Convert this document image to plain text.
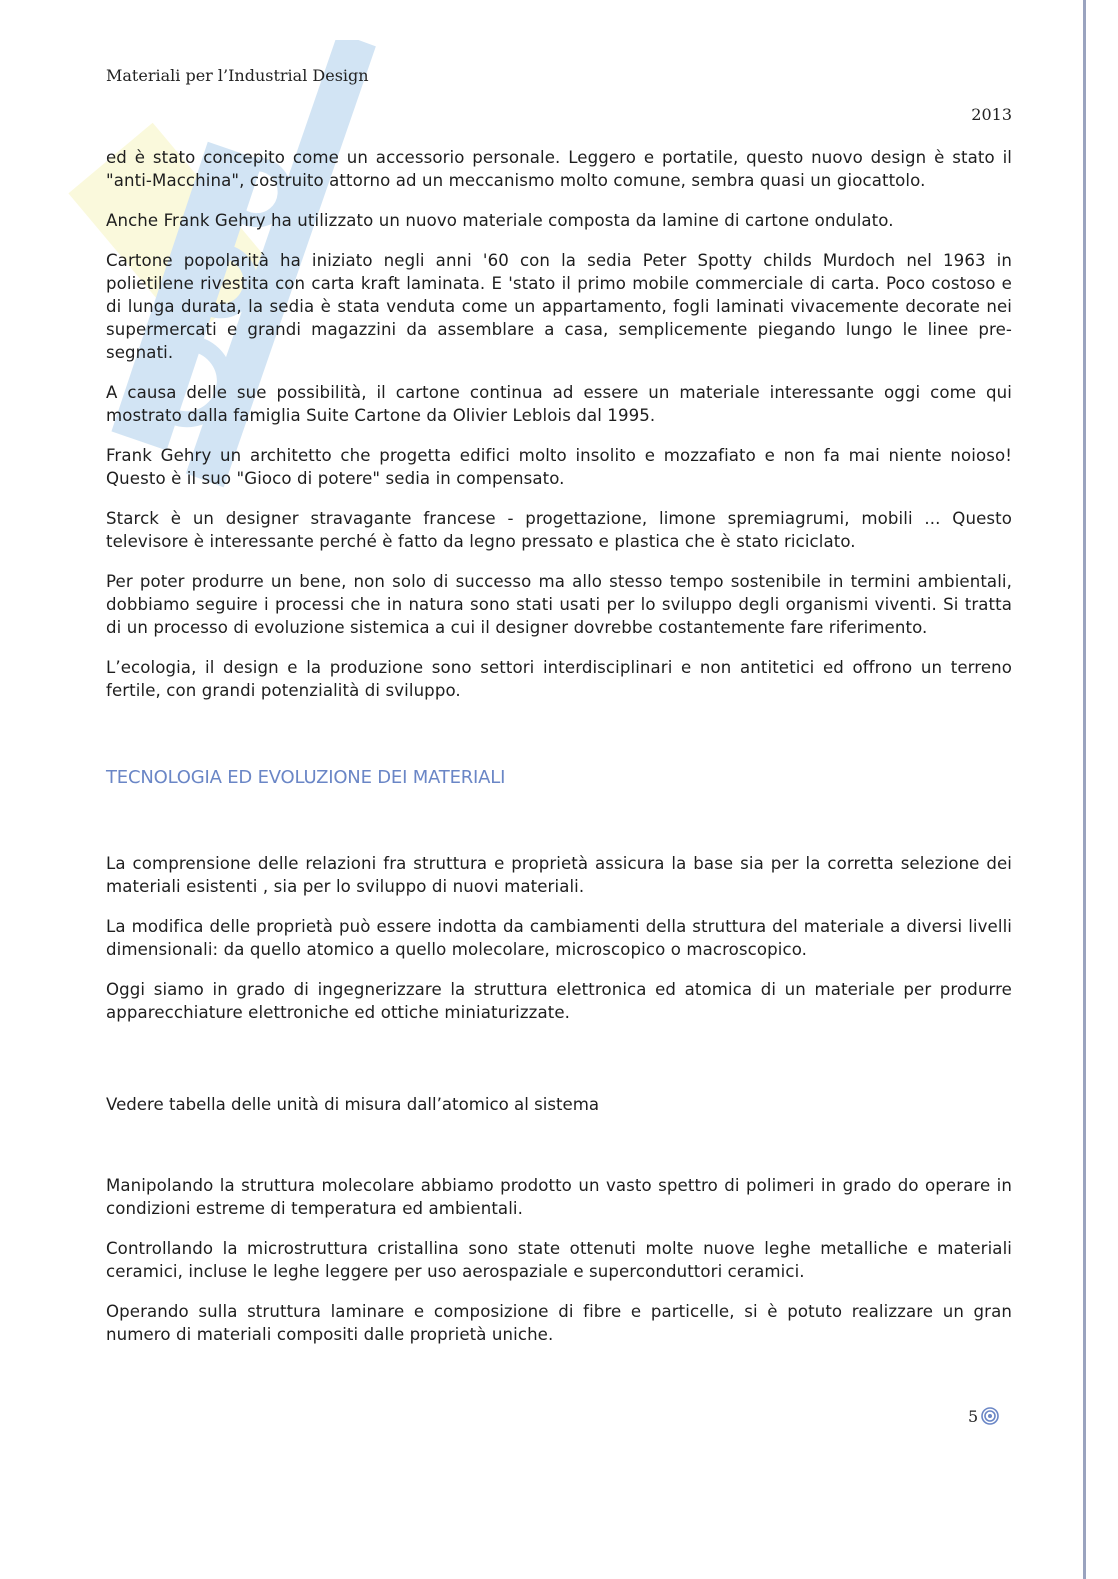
Materiali per l’Industrial Design
2013

ed è stato concepito come un accessorio personale. Leggero e portatile, questo nuovo design è stato il "anti-Macchina", costruito attorno ad un meccanismo molto comune, sembra quasi un giocattolo.

Anche Frank Gehry ha utilizzato un nuovo materiale composta da lamine di cartone ondulato.

Cartone popolarità ha iniziato negli anni '60 con la sedia Peter Spotty childs Murdoch nel 1963 in polietilene rivestita con carta kraft laminata. E 'stato il primo mobile commerciale di carta. Poco costoso e di lunga durata, la sedia è stata venduta come un appartamento, fogli laminati vivacemente decorate nei supermercati e grandi magazzini da assemblare a casa, semplicemente piegando lungo le linee pre-segnati.

A causa delle sue possibilità, il cartone continua ad essere un materiale interessante oggi come qui mostrato dalla famiglia Suite Cartone da Olivier Leblois dal 1995.

Frank Gehry un architetto che progetta edifici molto insolito e mozzafiato e non fa mai niente noioso! Questo è il suo "Gioco di potere" sedia in compensato.

Starck è un designer stravagante francese - progettazione, limone spremiagrumi, mobili ... Questo televisore è interessante perché è fatto da legno pressato e plastica che è stato riciclato.

Per poter produrre un bene, non solo di successo ma allo stesso tempo sostenibile in termini ambientali, dobbiamo seguire i processi che in natura sono stati usati per lo sviluppo degli organismi viventi. Si tratta di un processo di evoluzione sistemica a cui il designer dovrebbe costantemente fare riferimento.

L’ecologia, il design e la produzione sono settori interdisciplinari e non antitetici ed offrono un terreno fertile, con grandi potenzialità di sviluppo.

TECNOLOGIA ED EVOLUZIONE DEI MATERIALI

La comprensione delle relazioni fra struttura e proprietà assicura la base sia per la corretta selezione dei materiali esistenti , sia per lo sviluppo di nuovi materiali.

La modifica delle proprietà può essere indotta da cambiamenti della struttura del materiale a diversi livelli dimensionali: da quello atomico a quello molecolare, microscopico o macroscopico.

Oggi siamo in grado di ingegnerizzare la struttura elettronica ed atomica di un materiale per produrre apparecchiature elettroniche ed ottiche miniaturizzate.

Vedere tabella delle unità di misura dall’atomico al sistema

Manipolando la struttura molecolare abbiamo prodotto un vasto spettro di polimeri in grado do operare in condizioni estreme di temperatura ed ambientali.

Controllando la microstruttura cristallina sono state ottenuti molte nuove leghe metalliche e materiali ceramici, incluse le leghe leggere per uso aerospaziale e superconduttori ceramici.

Operando sulla struttura laminare e composizione di fibre e particelle, si è potuto realizzare un gran numero di materiali compositi dalle proprietà uniche.

5
